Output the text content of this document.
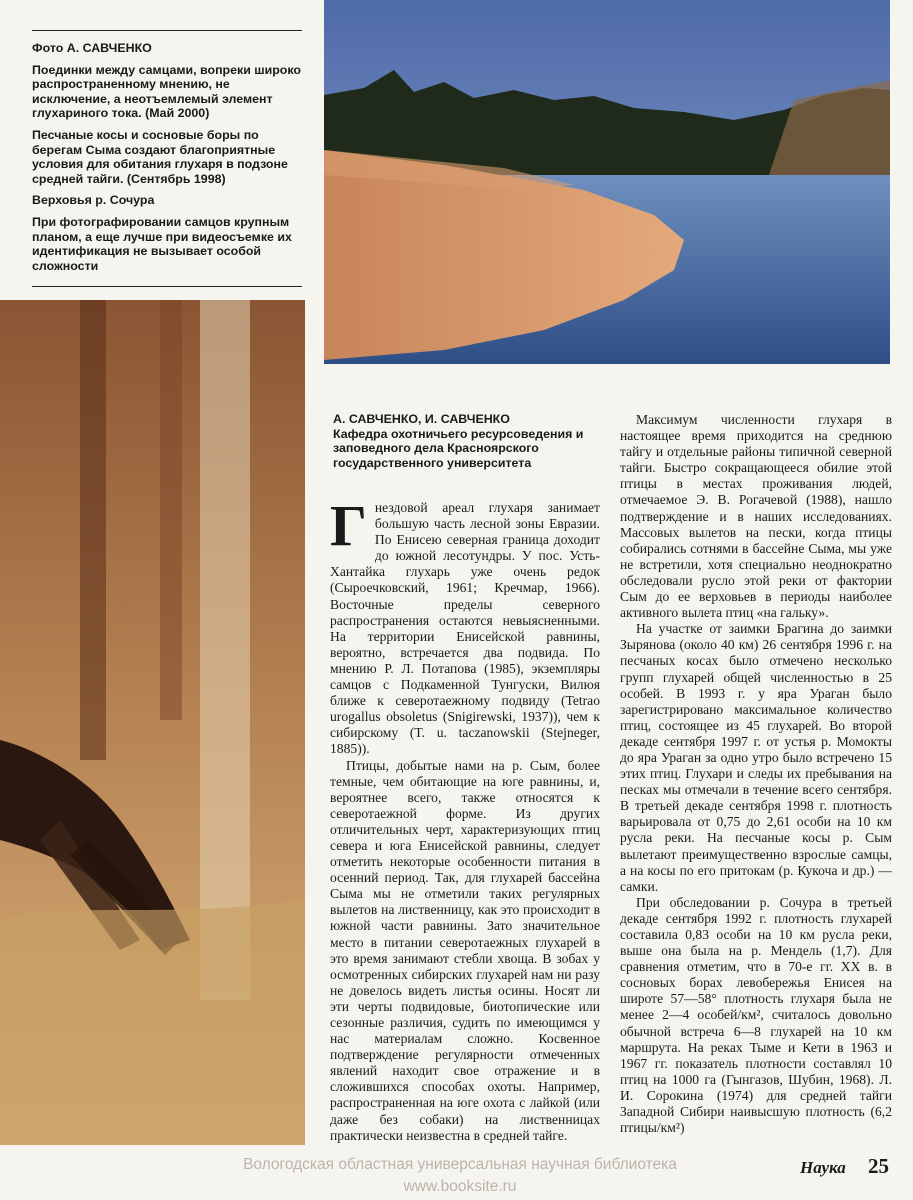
Фото А. САВЧЕНКО

Поединки между самцами, вопреки широко распространенному мнению, не исключение, а неотъемлемый элемент глухариного тока. (Май 2000)

Песчаные косы и сосновые боры по берегам Сыма создают благоприятные условия для обитания глухаря в подзоне средней тайги. (Сентябрь 1998)

Верховья р. Сочура

При фотографировании самцов крупным планом, а еще лучше при видеосъемке их идентификация не вызывает особой сложности

А. САВЧЕНКО, И. САВЧЕНКО
Кафедра охотничьего ресурсоведения и заповедного дела Красноярского государственного университета

Гнездовой ареал глухаря занимает большую часть лесной зоны Евразии. По Енисею северная граница доходит до южной лесотундры. У пос. Усть-Хантайка глухарь уже очень редок (Сыроечковский, 1961; Кречмар, 1966). Восточные пределы северного распространения остаются невыясненными. На территории Енисейской равнины, вероятно, встречается два подвида. По мнению Р. Л. Потапова (1985), экземпляры самцов с Подкаменной Тунгуски, Вилюя ближе к северотаежному подвиду (Tetrao urogallus obsoletus (Snigirewski, 1937)), чем к сибирскому (T. u. taczanowskii (Stejneger, 1885)).

Птицы, добытые нами на р. Сым, более темные, чем обитающие на юге равнины, и, вероятнее всего, также относятся к северотаежной форме. Из других отличительных черт, характеризующих птиц севера и юга Енисейской равнины, следует отметить некоторые особенности питания в осенний период. Так, для глухарей бассейна Сыма мы не отметили таких регулярных вылетов на лиственницу, как это происходит в южной части равнины. Зато значительное место в питании северотаежных глухарей в это время занимают стебли хвоща. В зобах у осмотренных сибирских глухарей нам ни разу не довелось видеть листья осины. Носят ли эти черты подвидовые, биотопические или сезонные различия, судить по имеющимся у нас материалам сложно. Косвенное подтверждение регулярности отмеченных явлений находит свое отражение и в сложившихся способах охоты. Например, распространенная на юге охота с лайкой (или даже без собаки) на лиственницах практически неизвестна в средней тайге.

Максимум численности глухаря в настоящее время приходится на среднюю тайгу и отдельные районы типичной северной тайги. Быстро сокращающееся обилие этой птицы в местах проживания людей, отмечаемое Э. В. Рогачевой (1988), нашло подтверждение и в наших исследованиях. Массовых вылетов на пески, когда птицы собирались сотнями в бассейне Сыма, мы уже не встретили, хотя специально неоднократно обследовали русло этой реки от фактории Сым до ее верховьев в периоды наиболее активного вылета птиц «на гальку».

На участке от заимки Брагина до заимки Зырянова (около 40 км) 26 сентября 1996 г. на песчаных косах было отмечено несколько групп глухарей общей численностью в 25 особей. В 1993 г. у яра Ураган было зарегистрировано максимальное количество птиц, состоящее из 45 глухарей. Во второй декаде сентября 1997 г. от устья р. Момокты до яра Ураган за одно утро было встречено 15 этих птиц. Глухари и следы их пребывания на песках мы отмечали в течение всего сентября. В третьей декаде сентября 1998 г. плотность варьировала от 0,75 до 2,61 особи на 10 км русла реки. На песчаные косы р. Сым вылетают преимущественно взрослые самцы, а на косы по его притокам (р. Кукоча и др.) — самки.

При обследовании р. Сочура в третьей декаде сентября 1992 г. плотность глухарей составила 0,83 особи на 10 км русла реки, выше она была на р. Мендель (1,7). Для сравнения отметим, что в 70-е гг. XX в. в сосновых борах левобережья Енисея на широте 57—58° плотность глухаря была не менее 2—4 особей/км², считалось довольно обычной встреча 6—8 глухарей на 10 км маршрута. На реках Тыме и Кети в 1963 и 1967 гг. показатель плотности составлял 10 птиц на 1000 га (Гынгазов, Шубин, 1968). Л. И. Сорокина (1974) для средней тайги Западной Сибири наивысшую плотность (6,2 птицы/км²)

Вологодская областная универсальная научная библиотека
www.booksite.ru
Наука 25
